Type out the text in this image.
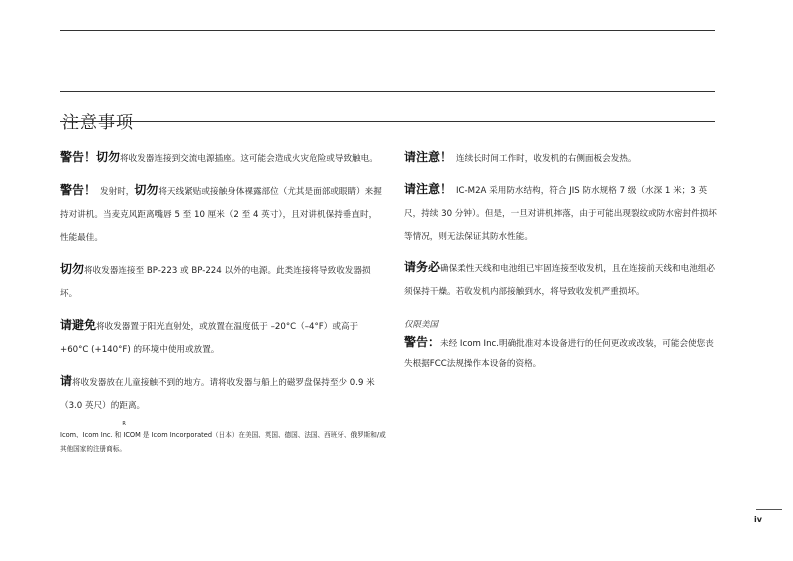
注意事项

警告！切勿将收发器连接到交流电源插座。这可能会造成火灾危险或导致触电。

警告！ 发射时，切勿将天线紧贴或接触身体裸露部位（尤其是面部或眼睛）来握持对讲机。当麦克风距离嘴唇 5 至 10 厘米（2 至 4 英寸），且对讲机保持垂直时，性能最佳。

切勿将收发器连接至 BP-223 或 BP-224 以外的电源。此类连接将导致收发器损坏。

请避免将收发器置于阳光直射处，或放置在温度低于 –20°C（–4°F）或高于 +60°C (+140°F) 的环境中使用或放置。

请将收发器放在儿童接触不到的地方。请将收发器与船上的磁罗盘保持至少 0.9 米（3.0 英尺）的距离。

请注意！ 连续长时间工作时，收发机的右侧面板会发热。

请注意！ IC-M2A 采用防水结构，符合 JIS 防水规格 7 级（水深 1 米；3 英尺，持续 30 分钟）。但是，一旦对讲机摔落，由于可能出现裂纹或防水密封件损坏等情况，则无法保证其防水性能。

请务必确保柔性天线和电池组已牢固连接至收发机，且在连接前天线和电池组必须保持干燥。若收发机内部接触到水，将导致收发机严重损坏。

仅限美国

警告：未经 Icom Inc.明确批准对本设备进行的任何更改或改装，可能会使您丧失根据FCC法规操作本设备的资格。

Icom、Icom Inc. 和
R
ICOM 是 Icom Incorporated（日本）在美国、英国、德国、法国、西班牙、俄罗斯和/或其他国家的注册商标。
iv
